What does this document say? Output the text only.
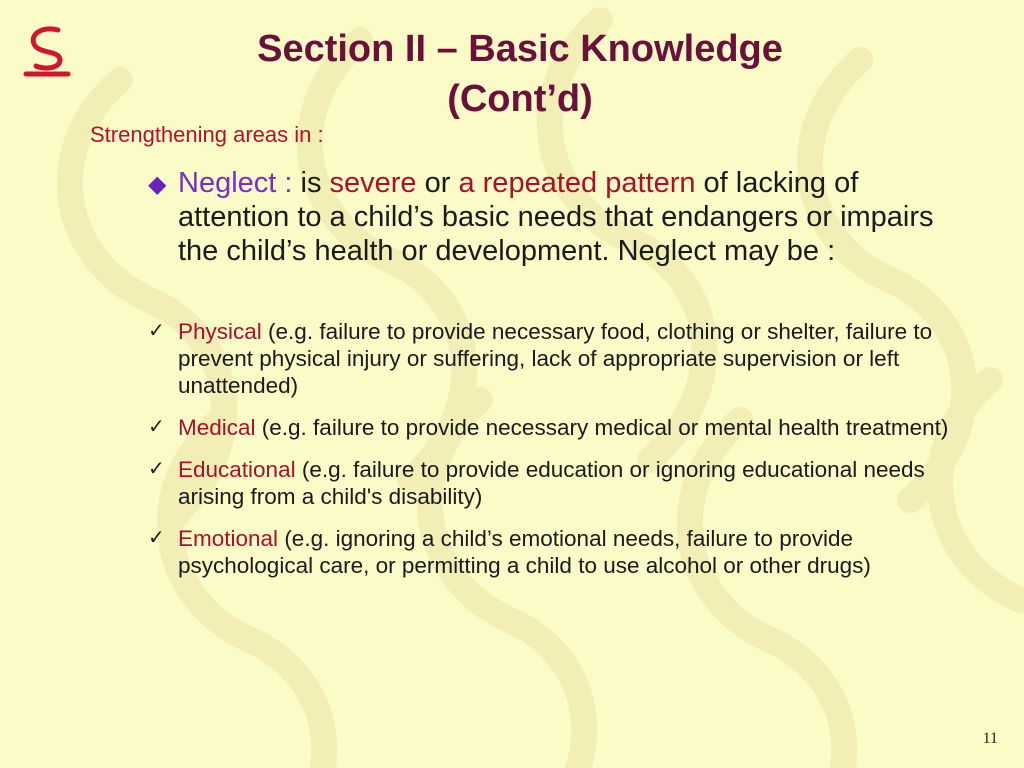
Section II – Basic Knowledge
(Cont’d)

Strengthening areas in :

◆ Neglect : is severe or a repeated pattern of lacking of attention to a child’s basic needs that endangers or impairs the child’s health or development. Neglect may be :
✓ Physical (e.g. failure to provide necessary food, clothing or shelter, failure to prevent physical injury or suffering, lack of appropriate supervision or left unattended)
✓ Medical (e.g. failure to provide necessary medical or mental health treatment)
✓ Educational (e.g. failure to provide education or ignoring educational needs arising from a child's disability)
✓ Emotional (e.g. ignoring a child’s emotional needs, failure to provide psychological care, or permitting a child to use alcohol or other drugs)
11
